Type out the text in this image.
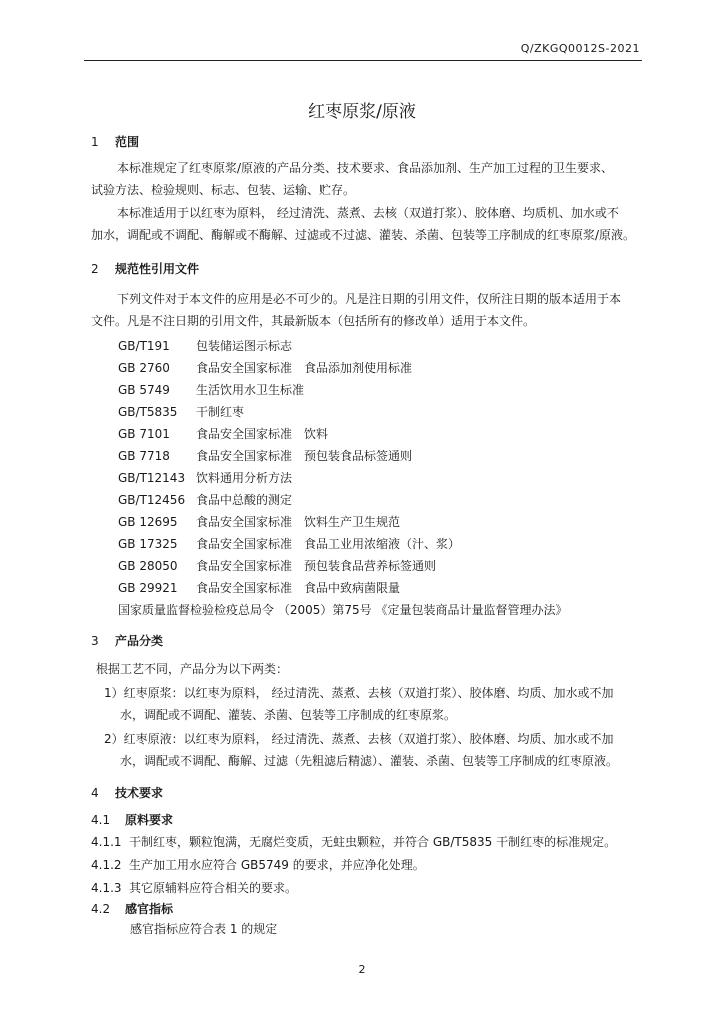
Q/ZKGQ0012S-2021
红枣原浆/原液
1 范围
本标准规定了红枣原浆/原液的产品分类、技术要求、食品添加剂、生产加工过程的卫生要求、
试验方法、检验规则、标志、包装、运输、贮存。
本标准适用于以红枣为原料， 经过清洗、蒸煮、去核（双道打浆）、胶体磨、均质机、加水或不
加水，调配或不调配、酶解或不酶解、过滤或不过滤、灌装、杀菌、包装等工序制成的红枣原浆/原液。
2 规范性引用文件
下列文件对于本文件的应用是必不可少的。凡是注日期的引用文件，仅所注日期的版本适用于本
文件。凡是不注日期的引用文件，其最新版本（包括所有的修改单）适用于本文件。
GB/T191 包装储运图示标志
GB 2760 食品安全国家标准　食品添加剂使用标准
GB 5749 生活饮用水卫生标准
GB/T5835 干制红枣
GB 7101 食品安全国家标准　饮料
GB 7718 食品安全国家标准　预包装食品标签通则
GB/T12143 饮料通用分析方法
GB/T12456 食品中总酸的测定
GB 12695 食品安全国家标准　饮料生产卫生规范
GB 17325 食品安全国家标准　食品工业用浓缩液（汁、浆）
GB 28050 食品安全国家标准　预包装食品营养标签通则
GB 29921 食品安全国家标准　食品中致病菌限量
国家质量监督检验检疫总局令 （2005）第75号 《定量包装商品计量监督管理办法》
3 产品分类
根据工艺不同，产品分为以下两类：
1）红枣原浆：以红枣为原料， 经过清洗、蒸煮、去核（双道打浆）、胶体磨、均质、加水或不加
水，调配或不调配、灌装、杀菌、包装等工序制成的红枣原浆。
2）红枣原液：以红枣为原料， 经过清洗、蒸煮、去核（双道打浆）、胶体磨、均质、加水或不加
水，调配或不调配、酶解、过滤（先粗滤后精滤）、灌装、杀菌、包装等工序制成的红枣原液。
4 技术要求
4.1 原料要求
4.1.1 干制红枣，颗粒饱满，无腐烂变质，无蛀虫颗粒，并符合 GB/T5835 干制红枣的标准规定。
4.1.2 生产加工用水应符合 GB5749 的要求，并应净化处理。
4.1.3 其它原辅料应符合相关的要求。
4.2 感官指标
感官指标应符合表 1 的规定
2
